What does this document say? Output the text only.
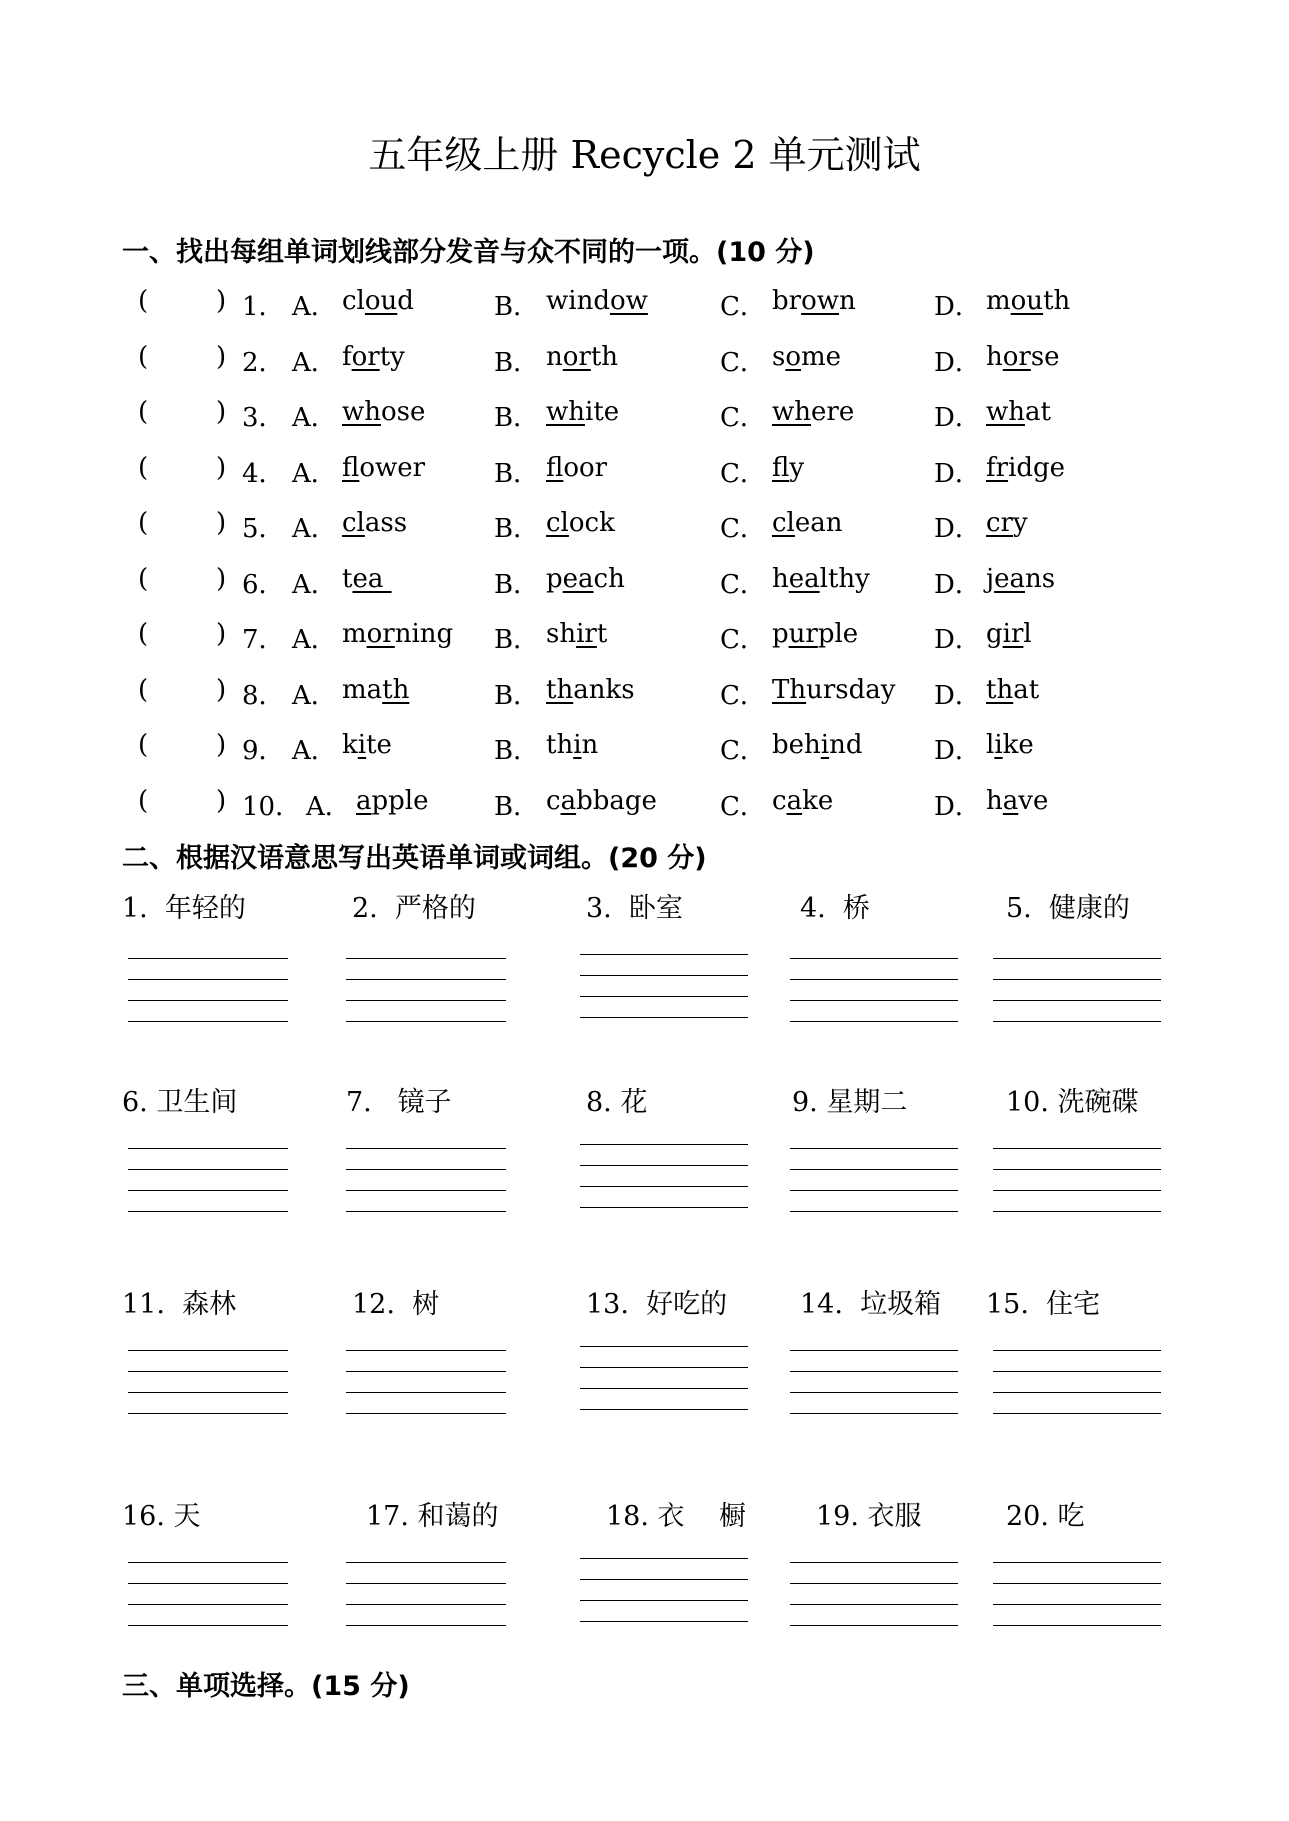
五年级上册 Recycle 2 单元测试
一、找出每组单词划线部分发音与众不同的一项。(10 分)
(	) 1． A． cloud	B． window	C． brown	D． mouth
(	) 2． A． forty	B． north	C． some	D． horse
(	) 3． A． whose	B． white	C． where	D． what
(	) 4． A． flower	B． floor	C． fly	D． fridge
(	) 5． A． class	B． clock	C． clean	D． cry
(	) 6． A． tea	B． peach	C． healthy D． jeans
(	) 7． A． morning B． shirt	C． purple	D． girl
(	) 8． A． math	B． thanks	C． Thursday D． that
(	) 9． A． kite	B． thin	C． behind	D． like
(	) 10． A． apple	B． cabbage C． cake	D． have
二、根据汉语意思写出英语单词或词组。(20 分)
1.  年轻的	2.  严格的	3.  卧室	4.  桥	5.  健康的
6. 卫生间	7.   镜子	8. 花	9. 星期二	10. 洗碗碟
11.  森林	12.  树	13.  好吃的	14.  垃圾箱 15.  住宅
16. 天	17. 和蔼的	18. 衣    橱	19. 衣服	20. 吃
三、单项选择。(15 分)
